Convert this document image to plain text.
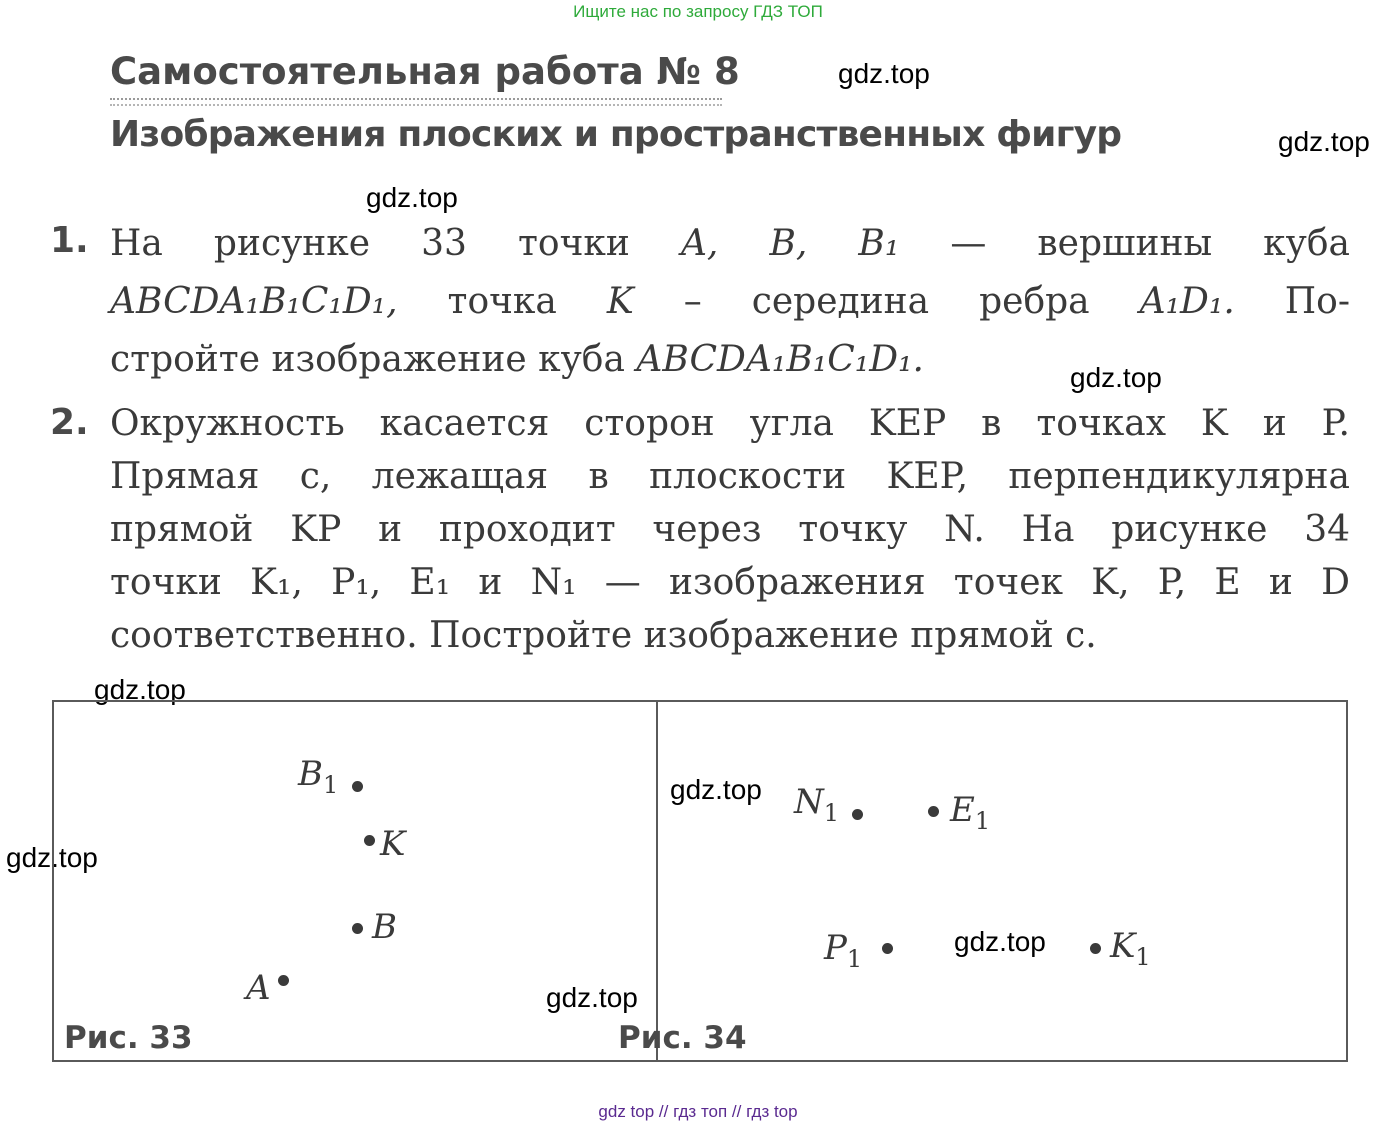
Ищите нас по запросу ГДЗ ТОП
Самостоятельная работа № 8
Изображения плоских и пространственных фигур
gdz.top
gdz.top
gdz.top
gdz.top
gdz.top
gdz.top
gdz.top
gdz.top
gdz.top
1. На рисунке 33 точки A, B, B₁ — вершины куба
ABCDA₁B₁C₁D₁, точка K – середина ребра A₁D₁. По-
стройте изображение куба ABCDA₁B₁C₁D₁.
2. Окружность касается сторон угла KEP в точках K и P.
Прямая c, лежащая в плоскости KEP, перпендикулярна
прямой KP и проходит через точку N. На рисунке 34
точки K₁, P₁, E₁ и N₁ — изображения точек K, P, E и D
соответственно. Постройте изображение прямой c.
$B_1$
K
B
A
Рис. 33
$N_1$	$E_1$
$P_1$	$K_1$
Рис. 34
gdz top // гдз топ // гдз top
